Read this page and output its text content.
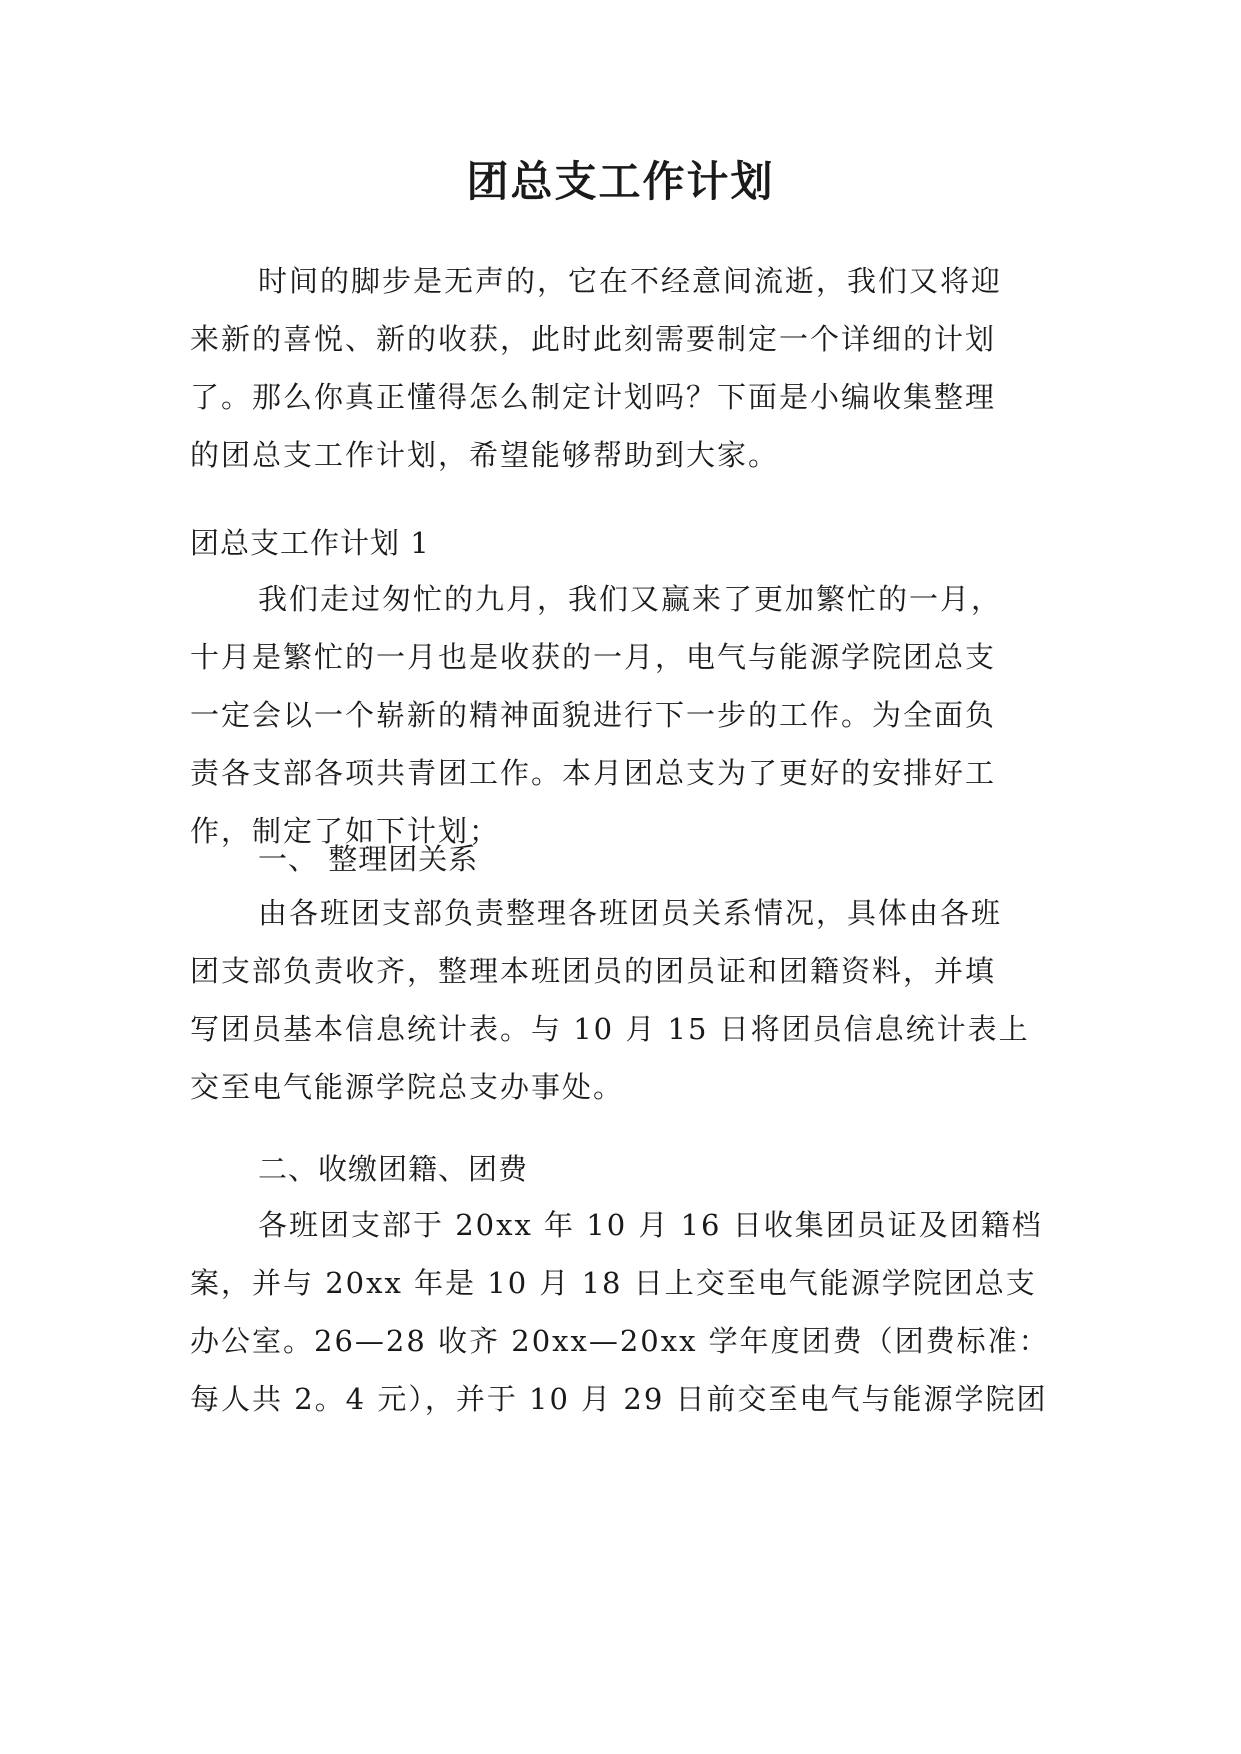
团总支工作计划
时间的脚步是无声的，它在不经意间流逝，我们又将迎
来新的喜悦、新的收获，此时此刻需要制定一个详细的计划
了。那么你真正懂得怎么制定计划吗？下面是小编收集整理
的团总支工作计划，希望能够帮助到大家。
团总支工作计划 1
我们走过匆忙的九月，我们又赢来了更加繁忙的一月，
十月是繁忙的一月也是收获的一月，电气与能源学院团总支
一定会以一个崭新的精神面貌进行下一步的工作。为全面负
责各支部各项共青团工作。本月团总支为了更好的安排好工
作，制定了如下计划；
一、 整理团关系
由各班团支部负责整理各班团员关系情况，具体由各班
团支部负责收齐，整理本班团员的团员证和团籍资料，并填
写团员基本信息统计表。与 10 月 15 日将团员信息统计表上
交至电气能源学院总支办事处。
二、收缴团籍、团费
各班团支部于 20xx 年 10 月 16 日收集团员证及团籍档
案，并与 20xx 年是 10 月 18 日上交至电气能源学院团总支
办公室。26—28 收齐 20xx—20xx 学年度团费（团费标准：
每人共 2。4 元），并于 10 月 29 日前交至电气与能源学院团
